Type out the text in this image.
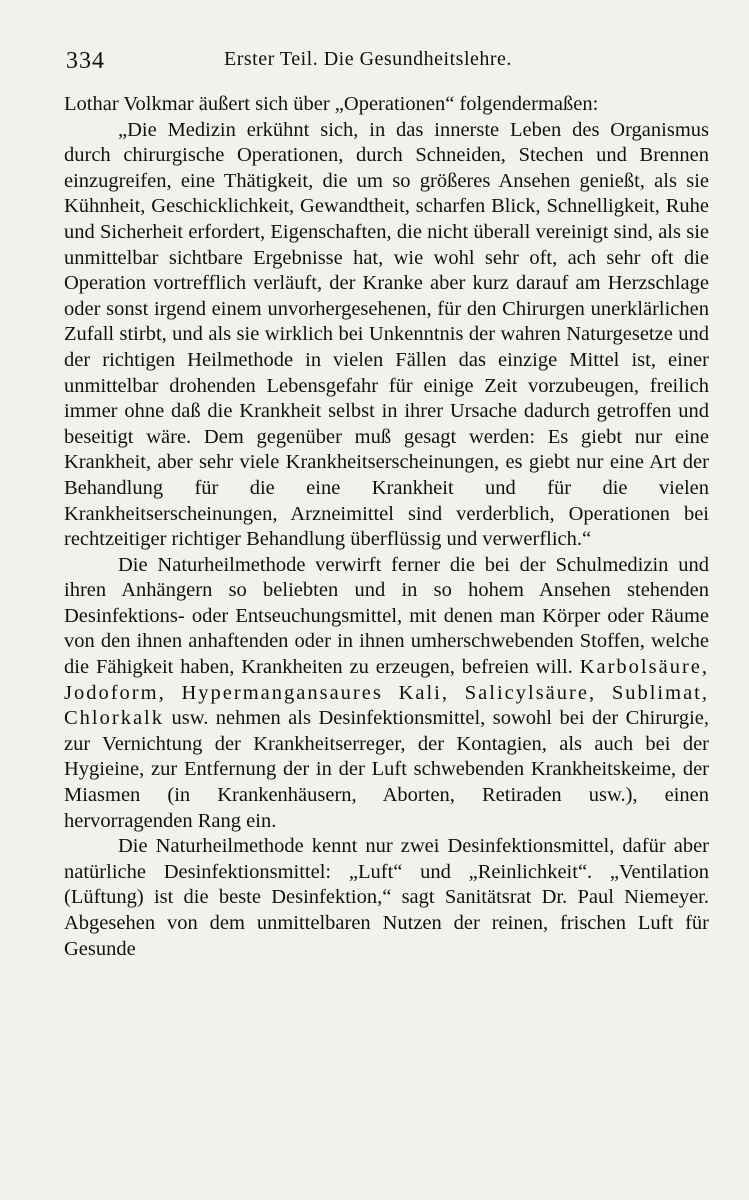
334	Erster Teil. Die Gesundheitslehre.

Lothar Volkmar äußert sich über „Operationen“ folgendermaßen:

„Die Medizin erkühnt sich, in das innerste Leben des Organismus durch chirurgische Operationen, durch Schneiden, Stechen und Brennen einzugreifen, eine Thätigkeit, die um so größeres Ansehen genießt, als sie Kühnheit, Geschicklichkeit, Gewandtheit, scharfen Blick, Schnelligkeit, Ruhe und Sicherheit erfordert, Eigenschaften, die nicht überall vereinigt sind, als sie unmittelbar sichtbare Ergebnisse hat, wie wohl sehr oft, ach sehr oft die Operation vortrefflich verläuft, der Kranke aber kurz darauf am Herzschlage oder sonst irgend einem unvorhergesehenen, für den Chirurgen unerklärlichen Zufall stirbt, und als sie wirklich bei Unkenntnis der wahren Naturgesetze und der richtigen Heilmethode in vielen Fällen das einzige Mittel ist, einer unmittelbar drohenden Lebensgefahr für einige Zeit vorzubeugen, freilich immer ohne daß die Krankheit selbst in ihrer Ursache dadurch getroffen und beseitigt wäre. Dem gegenüber muß gesagt werden: Es giebt nur eine Krankheit, aber sehr viele Krankheitserscheinungen, es giebt nur eine Art der Behandlung für die eine Krankheit und für die vielen Krankheitserscheinungen, Arzneimittel sind verderblich, Operationen bei rechtzeitiger richtiger Behandlung überflüssig und verwerflich.“

Die Naturheilmethode verwirft ferner die bei der Schulmedizin und ihren Anhängern so beliebten und in so hohem Ansehen stehenden Desinfektions- oder Entseuchungsmittel, mit denen man Körper oder Räume von den ihnen anhaftenden oder in ihnen umherschwebenden Stoffen, welche die Fähigkeit haben, Krankheiten zu erzeugen, befreien will. Karbolsäure, Jodoform, Hypermangansaures Kali, Salicylsäure, Sublimat, Chlorkalk usw. nehmen als Desinfektionsmittel, sowohl bei der Chirurgie, zur Vernichtung der Krankheitserreger, der Kontagien, als auch bei der Hygieine, zur Entfernung der in der Luft schwebenden Krankheitskeime, der Miasmen (in Krankenhäusern, Aborten, Retiraden usw.), einen hervorragenden Rang ein.

Die Naturheilmethode kennt nur zwei Desinfektionsmittel, dafür aber natürliche Desinfektionsmittel: „Luft“ und „Reinlichkeit“. „Ventilation (Lüftung) ist die beste Desinfektion,“ sagt Sanitätsrat Dr. Paul Niemeyer. Abgesehen von dem unmittelbaren Nutzen der reinen, frischen Luft für Gesunde
